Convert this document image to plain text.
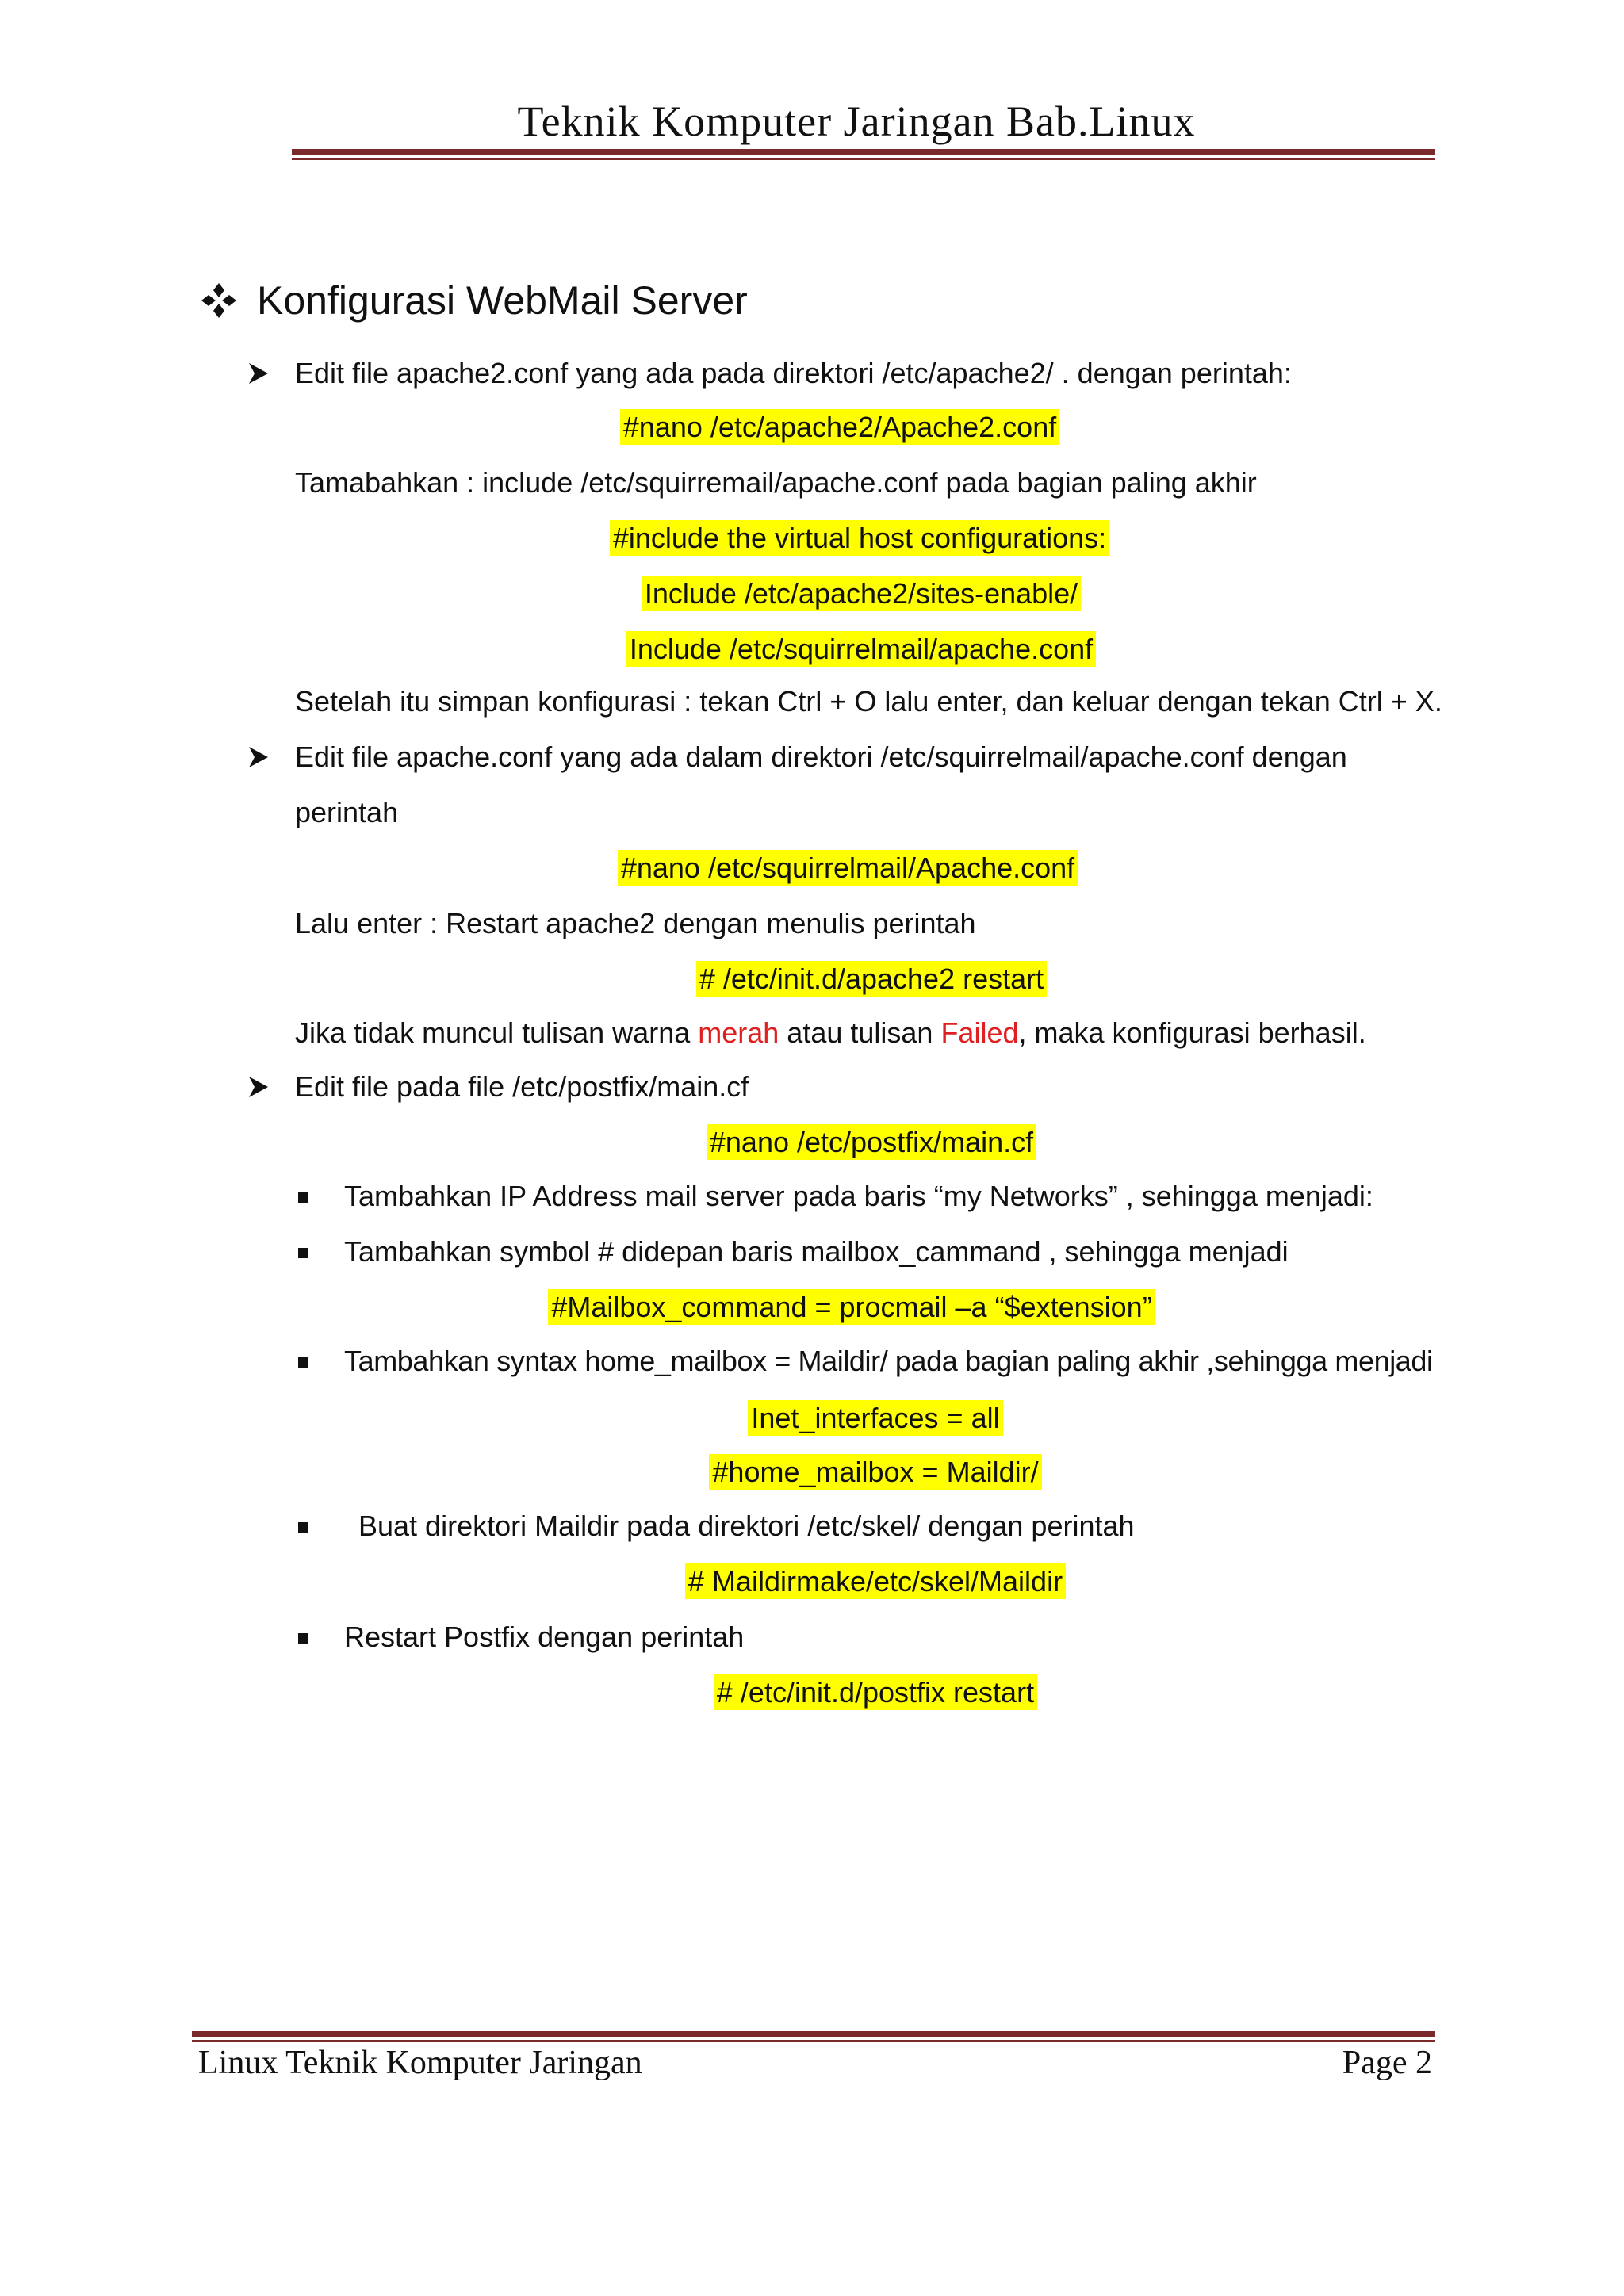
Teknik Komputer Jaringan Bab.Linux
Konfigurasi WebMail Server
Edit file apache2.conf yang ada pada direktori /etc/apache2/ . dengan perintah:
#nano /etc/apache2/Apache2.conf
Tamabahkan : include /etc/squirremail/apache.conf pada bagian paling akhir
#include the virtual host configurations:
Include /etc/apache2/sites-enable/
Include /etc/squirrelmail/apache.conf
Setelah itu simpan konfigurasi : tekan Ctrl + O lalu enter, dan keluar dengan tekan Ctrl + X.
Edit file apache.conf yang ada dalam direktori /etc/squirrelmail/apache.conf dengan
perintah
#nano /etc/squirrelmail/Apache.conf
Lalu enter : Restart apache2 dengan menulis perintah
# /etc/init.d/apache2 restart
Jika tidak muncul tulisan warna merah atau tulisan Failed, maka konfigurasi berhasil.
Edit file pada file /etc/postfix/main.cf
#nano /etc/postfix/main.cf
Tambahkan IP Address mail server pada baris “my Networks” , sehingga menjadi:
Tambahkan symbol # didepan baris mailbox_cammand , sehingga menjadi
#Mailbox_command = procmail –a “$extension”
Tambahkan syntax home_mailbox = Maildir/ pada bagian paling akhir ,sehingga menjadi
Inet_interfaces = all
#home_mailbox = Maildir/
Buat direktori Maildir pada direktori /etc/skel/ dengan perintah
# Maildirmake/etc/skel/Maildir
Restart Postfix dengan perintah
# /etc/init.d/postfix restart
Linux Teknik Komputer Jaringan	Page 2
